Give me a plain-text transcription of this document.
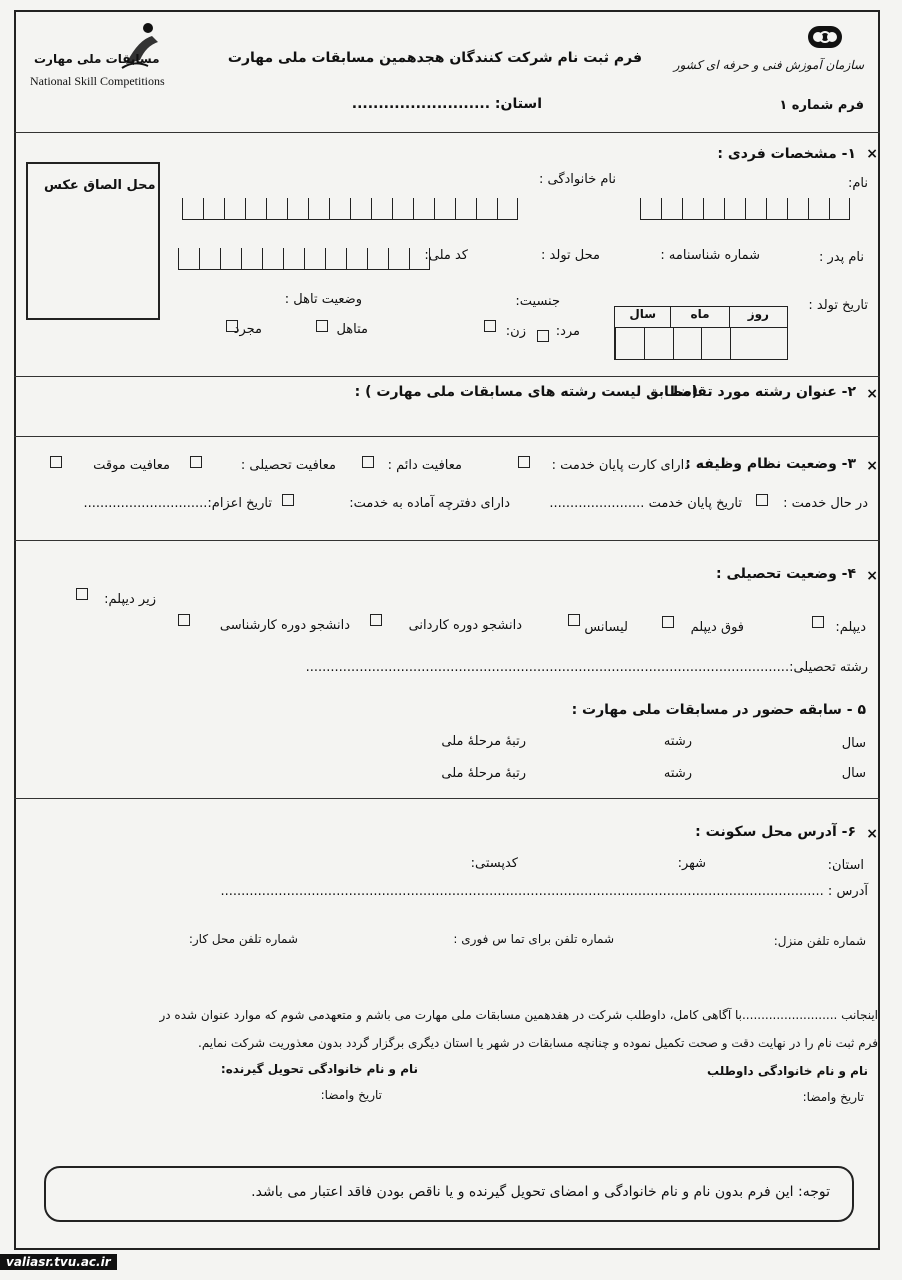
سازمان آموزش فنی و حرفه ای کشور
فرم ثبت نام شرکت کنندگان هجدهمین مسابقات ملی مهارت
استان: ..........................	فرم شماره ۱
مسابقات ملی مهارت
National Skill Competitions
×
۱- مشخصات فردی :
محل الصاق عکس	نام:
نام خانوادگی :
نام پدر :
شماره شناسنامه :
محل تولد :
کد ملی:
تاریخ تولد :
روز
ماه
سال
جنسیت:
مرد:
زن:
وضعیت تاهل :
متاهل
مجرد
×
۲- عنوان رشته مورد تقاضا
(مطابق لیست رشته های مسابقات ملی مهارت ) :
×
۳- وضعیت نظام وظیفه :
دارای کارت پایان خدمت :
معافیت دائم :
معافیت تحصیلی :
معافیت موقت
در حال خدمت :
تاریخ پایان خدمت .......................
دارای دفترچه آماده به خدمت:
تاریخ اعزام:..............................
×
۴- وضعیت تحصیلی :
زیر دیپلم:
دیپلم:
فوق دیپلم
لیسانس
دانشجو دوره کاردانی
دانشجو دوره کارشناسی
رشته تحصیلی:.....................................................................................................................
۵ - سابقه حضور در مسابقات ملی مهارت :
سال
رشته
رتبهٔ مرحلهٔ ملی
سال
رشته
رتبهٔ مرحلهٔ ملی
×
۶- آدرس محل سکونت :
استان:
شهر:
کدپستی:
آدرس : ..................................................................................................................................................
شماره تلفن منزل:
شماره تلفن برای تما س فوری :
شماره تلفن محل کار:
اینجانب .........................با آگاهی کامل، داوطلب شرکت در هفدهمین مسابقات ملی مهارت می باشم و متعهدمی شوم که موارد عنوان شده در
فرم ثبت نام را در نهایت دقت و صحت تکمیل نموده و چنانچه مسابقات در شهر یا استان دیگری برگزار گردد بدون معذوریت شرکت نمایم.
نام و نام خانوادگی داوطلب
نام و نام خانوادگی تحویل گیرنده:
تاریخ وامضا:
تاریخ وامضا:
توجه: این فرم بدون نام و نام خانوادگی و امضای تحویل گیرنده و یا ناقص بودن فاقد اعتبار می باشد.
valiasr.tvu.ac.ir
